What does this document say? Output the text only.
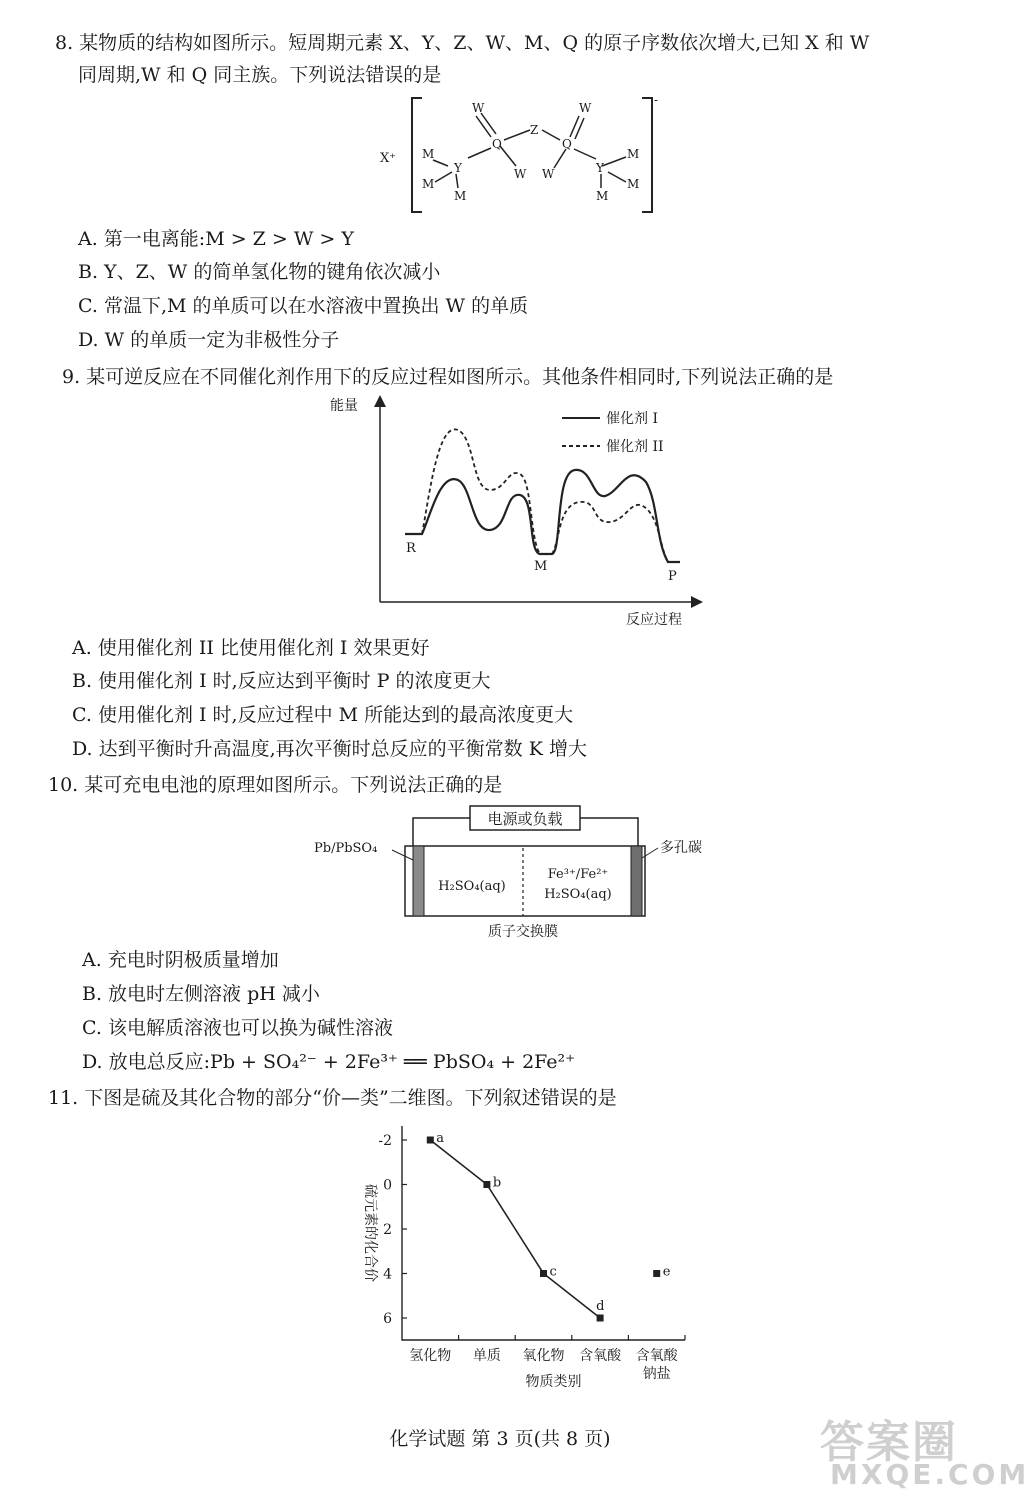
8. 某物质的结构如图所示。短周期元素 X、Y、Z、W、M、Q 的原子序数依次增大,已知 X 和 W
同周期,W 和 Q 同主族。下列说法错误的是
X⁺
-
W
Q
W
Z
W
Q
W
Y
M
M
M
Y
M
M
M
A. 第一电离能:M > Z > W > Y
B. Y、Z、W 的简单氢化物的键角依次减小
C. 常温下,M 的单质可以在水溶液中置换出 W 的单质
D. W 的单质一定为非极性分子
9. 某可逆反应在不同催化剂作用下的反应过程如图所示。其他条件相同时,下列说法正确的是
能量
反应过程
催化剂 I
催化剂 II
R
M
P
A. 使用催化剂 II 比使用催化剂 I 效果更好
B. 使用催化剂 I 时,反应达到平衡时 P 的浓度更大
C. 使用催化剂 I 时,反应过程中 M 所能达到的最高浓度更大
D. 达到平衡时升高温度,再次平衡时总反应的平衡常数 K 增大
10. 某可充电电池的原理如图所示。下列说法正确的是
电源或负载
H₂SO₄(aq)
Fe³⁺/Fe²⁺
H₂SO₄(aq)
Pb/PbSO₄	多孔碳
质子交换膜
A. 充电时阴极质量增加
B. 放电时左侧溶液 pH 减小
C. 该电解质溶液也可以换为碱性溶液
D. 放电总反应:Pb + SO₄²⁻ + 2Fe³⁺ ══ PbSO₄ + 2Fe²⁺
11. 下图是硫及其化合物的部分“价—类”二维图。下列叙述错误的是
-2
0
2
4
6
氢化物 单质 氧化物 含氧酸 含氧酸
钠盐
物质类别
硫元素的化合价
a
b
c
d
e
化学试题 第 3 页(共 8 页)	答案圈
MXQE.COM
